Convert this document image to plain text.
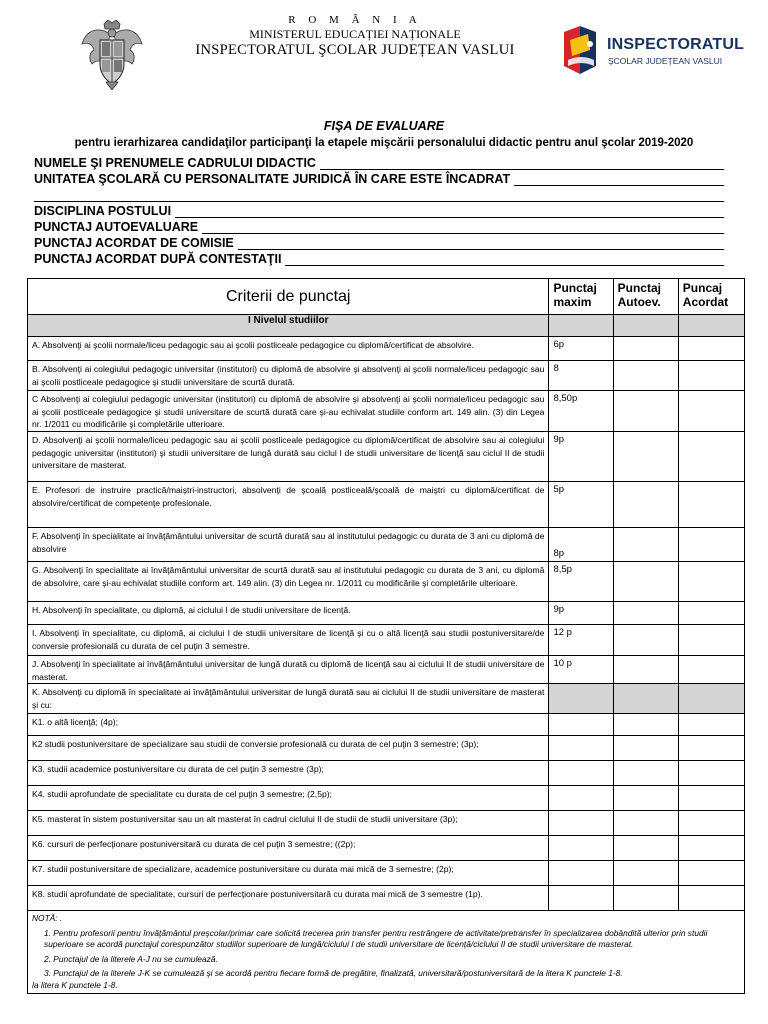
R O M Â N I A
MINISTERUL EDUCAȚIEI NAȚIONALE
INSPECTORATUL ŞCOLAR JUDEȚEAN VASLUI	INSPECTORATUL
ȘCOLAR JUDEȚEAN VASLUI
FIŞA DE EVALUARE
pentru ierarhizarea candidaţilor participanţi la etapele mişcării personalului didactic pentru anul şcolar 2019-2020
NUMELE ŞI PRENUMELE CADRULUI DIDACTIC
UNITATEA ŞCOLARĂ CU PERSONALITATE JURIDICĂ ÎN CARE ESTE ÎNCADRAT
DISCIPLINA POSTULUI
PUNCTAJ AUTOEVALUARE
PUNCTAJ ACORDAT DE COMISIE
PUNCTAJ ACORDAT DUPĂ CONTESTAŢII
Criterii de punctaj	Punctaj maxim	Punctaj Autoev.	Puncaj Acordat
I Nivelul studiilor			
A. Absolvenţi ai şcolii normale/liceu pedagogic sau ai şcolii postliceale pedagogice cu diplomă/certificat de absolvire.	6p		
B. Absolvenţi ai colegiului pedagogic universitar (institutori) cu diplomă de absolvire şi absolvenţi ai şcolii normale/liceu pedagogic sau ai şcolii postliceale pedagogice şi studii universitare de scurtă durată.	8		
C Absolvenţi ai colegiului pedagogic universitar (institutori) cu diplomă de absolvire şi absolvenţi ai şcolii normale/liceu pedagogic sau ai şcolii postliceale pedagogice şi studii universitare de scurtă durată care şi-au echivalat studiile conform art. 149 alin. (3) din Legea nr. 1/2011 cu modificările şi completările ulterioare.	8,50p		
D. Absolvenţi ai şcolii normale/liceu pedagogic sau ai şcolii postliceale pedagogice cu diplomă/certificat de absolvire sau ai colegiului pedagogic universitar (institutori) şi studii universitare de lungă durată sau ciclul I de studii universitare de licenţă sau ciclul II de studii universitare de masterat.	9p		
E. Profesori de instruire practică/maiştri-instructori, absolvenţi de şcoală postliceală/şcoală de maiştri cu diplomă/certificat de absolvire/certificat de competenţe profesionale.	5p		
F. Absolvenţi în specialitate ai învăţământului universitar de scurtă durată sau al institutului pedagogic cu durata de 3 ani cu diplomă de absolvire	8p		
G. Absolvenţi în specialitate ai învăţământului universitar de scurtă durată sau al institutului pedagogic cu durata de 3 ani, cu diplomă de absolvire, care şi-au echivalat studiile conform art. 149 alin. (3) din Legea nr. 1/2011 cu modificările şi completările ulterioare.	8,5p		
H. Absolvenţi în specialitate, cu diplomă, ai ciclului I de studii universitare de licenţă.	9p		
I. Absolvenţi în specialitate, cu diplomă, ai ciclului I de studii universitare de licenţă şi cu o altă licenţă sau studii postuniversitare/de conversie profesională cu durata de cel puţin 3 semestre.	12 p		
J. Absolvenţi în specialitate ai învăţământului universitar de lungă durată cu diplomă de licenţă sau ai ciclului II de studii universitare de masterat.	10 p		
K. Absolvenţi cu diplomă în specialitate ai învăţământului universitar de lungă durată sau ai ciclului II de studii universitare de masterat şi cu:			
K1. o altă licenţă; (4p);			
K2 studii postuniversitare de specializare sau studii de conversie profesională cu durata de cel puţin 3 semestre; (3p);			
K3. studii academice postuniversitare cu durata de cel puţin 3 semestre (3p);			
K4. studii aprofundate de specialitate cu durata de cel puţin 3 semestre; (2,5p);			
K5. masterat în sistem postuniversitar sau un alt masterat în cadrul ciclului II de studii de studii universitare (3p);			
K6. cursuri de perfecţionare postuniversitară cu durata de cel puţin 3 semestre; ((2p);			
K7. studii postuniversitare de specializare, academice postuniversitare cu durata mai mică de 3 semestre; (2p);			
K8. studii aprofundate de specialitate, cursuri de perfecţionare postuniversitară cu durata mai mică de 3 semestre (1p).			

NOTĂ: .

1. Pentru profesorii pentru învăţământul preşcolar/primar care solicită trecerea prin transfer pentru restrângere de activitate/pretransfer în specializarea dobândită ulterior prin studii superioare se acordă punctajul corespunzător studiilor superioare de lungă/ciclului I de studii universitare de licenţă/ciclului II de studii universitare de masterat.

2. Punctajul de la literele A-J nu se cumulează.

3. Punctajul de la literele J-K se cumulează şi se acordă pentru fiecare formă de pregătire, finalizată, universitară/postuniversitară de la litera K punctele 1-8.

la litera K punctele 1-8.			
